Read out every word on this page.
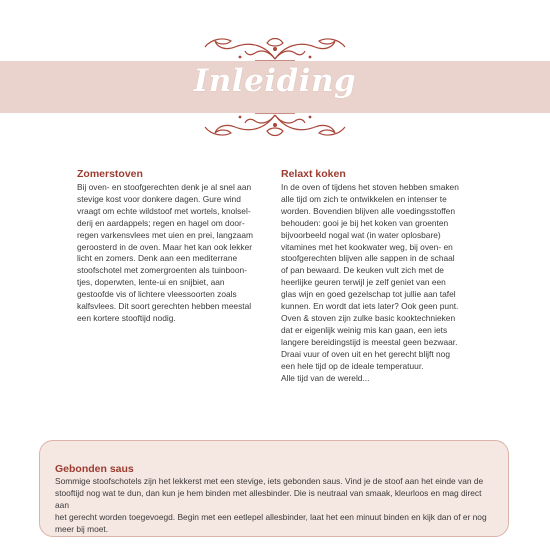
Inleiding
Zomerstoven

Bij oven- en stoofgerechten denk je al snel aan
stevige kost voor donkere dagen. Gure wind
vraagt om echte wildstoof met wortels, knolsel-
derij en aardappels; regen en hagel om door-
regen varkensvlees met uien en prei, langzaam
geroosterd in de oven. Maar het kan ook lekker
licht en zomers. Denk aan een mediterrane
stoofschotel met zomergroenten als tuinboon-
tjes, doperwten, lente-ui en snijbiet, aan
gestoofde vis of lichtere vleessoorten zoals
kalfsvlees. Dit soort gerechten hebben meestal
een kortere stooftijd nodig.

Relaxt koken

In de oven of tijdens het stoven hebben smaken
alle tijd om zich te ontwikkelen en intenser te
worden. Bovendien blijven alle voedingsstoffen
behouden: gooi je bij het koken van groenten
bijvoorbeeld nogal wat (in water oplosbare)
vitamines met het kookwater weg, bij oven- en
stoofgerechten blijven alle sappen in de schaal
of pan bewaard. De keuken vult zich met de
heerlijke geuren terwijl je zelf geniet van een
glas wijn en goed gezelschap tot jullie aan tafel
kunnen. En wordt dat iets later? Ook geen punt.
Oven & stoven zijn zulke basic kooktechnieken
dat er eigenlijk weinig mis kan gaan, een iets
langere bereidingstijd is meestal geen bezwaar.
Draai vuur of oven uit en het gerecht blijft nog
een hele tijd op de ideale temperatuur.
Alle tijd van de wereld...

Gebonden saus

Sommige stoofschotels zijn het lekkerst met een stevige, iets gebonden saus. Vind je de stoof aan het einde van de
stooftijd nog wat te dun, dan kun je hem binden met allesbinder. Die is neutraal van smaak, kleurloos en mag direct aan
het gerecht worden toegevoegd. Begin met een eetlepel allesbinder, laat het een minuut binden en kijk dan of er nog
meer bij moet.
